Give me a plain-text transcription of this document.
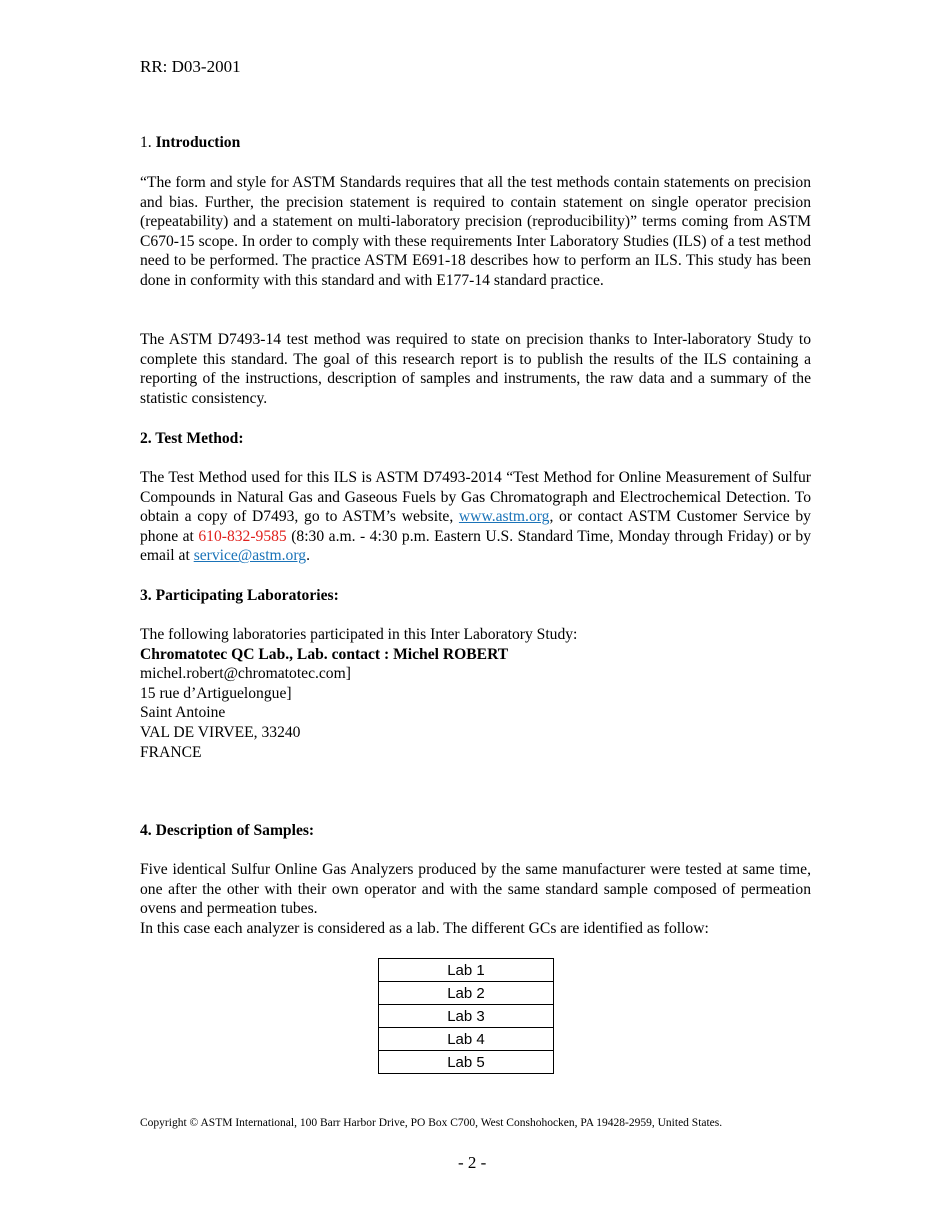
RR: D03-2001
1. Introduction
“The form and style for ASTM Standards requires that all the test methods contain statements on precision and bias. Further, the precision statement is required to contain statement on single operator precision (repeatability) and a statement on multi-laboratory precision (reproducibility)” terms coming from ASTM C670-15 scope. In order to comply with these requirements Inter Laboratory Studies (ILS) of a test method need to be performed. The practice ASTM E691-18 describes how to perform an ILS. This study has been done in conformity with this standard and with E177-14 standard practice.
The ASTM D7493-14 test method was required to state on precision thanks to Inter-laboratory Study to complete this standard. The goal of this research report is to publish the results of the ILS containing a reporting of the instructions, description of samples and instruments, the raw data and a summary of the statistic consistency.
2. Test Method:
The Test Method used for this ILS is ASTM D7493-2014 “Test Method for Online Measurement of Sulfur Compounds in Natural Gas and Gaseous Fuels by Gas Chromatograph and Electrochemical Detection. To obtain a copy of D7493, go to ASTM’s website, www.astm.org, or contact ASTM Customer Service by phone at 610-832-9585 (8:30 a.m. - 4:30 p.m. Eastern U.S. Standard Time, Monday through Friday) or by email at service@astm.org.
3. Participating Laboratories:
The following laboratories participated in this Inter Laboratory Study:
Chromatotec QC Lab., Lab. contact : Michel ROBERT
michel.robert@chromatotec.com]
15 rue d’Artiguelongue]
Saint Antoine
VAL DE VIRVEE, 33240
FRANCE
4. Description of Samples:
Five identical Sulfur Online Gas Analyzers produced by the same manufacturer were tested at same time, one after the other with their own operator and with the same standard sample composed of permeation ovens and permeation tubes.
In this case each analyzer is considered as a lab. The different GCs are identified as follow:
Lab 1
Lab 2
Lab 3
Lab 4
Lab 5
Copyright © ASTM International, 100 Barr Harbor Drive, PO Box C700, West Conshohocken, PA 19428-2959, United States.
- 2 -
